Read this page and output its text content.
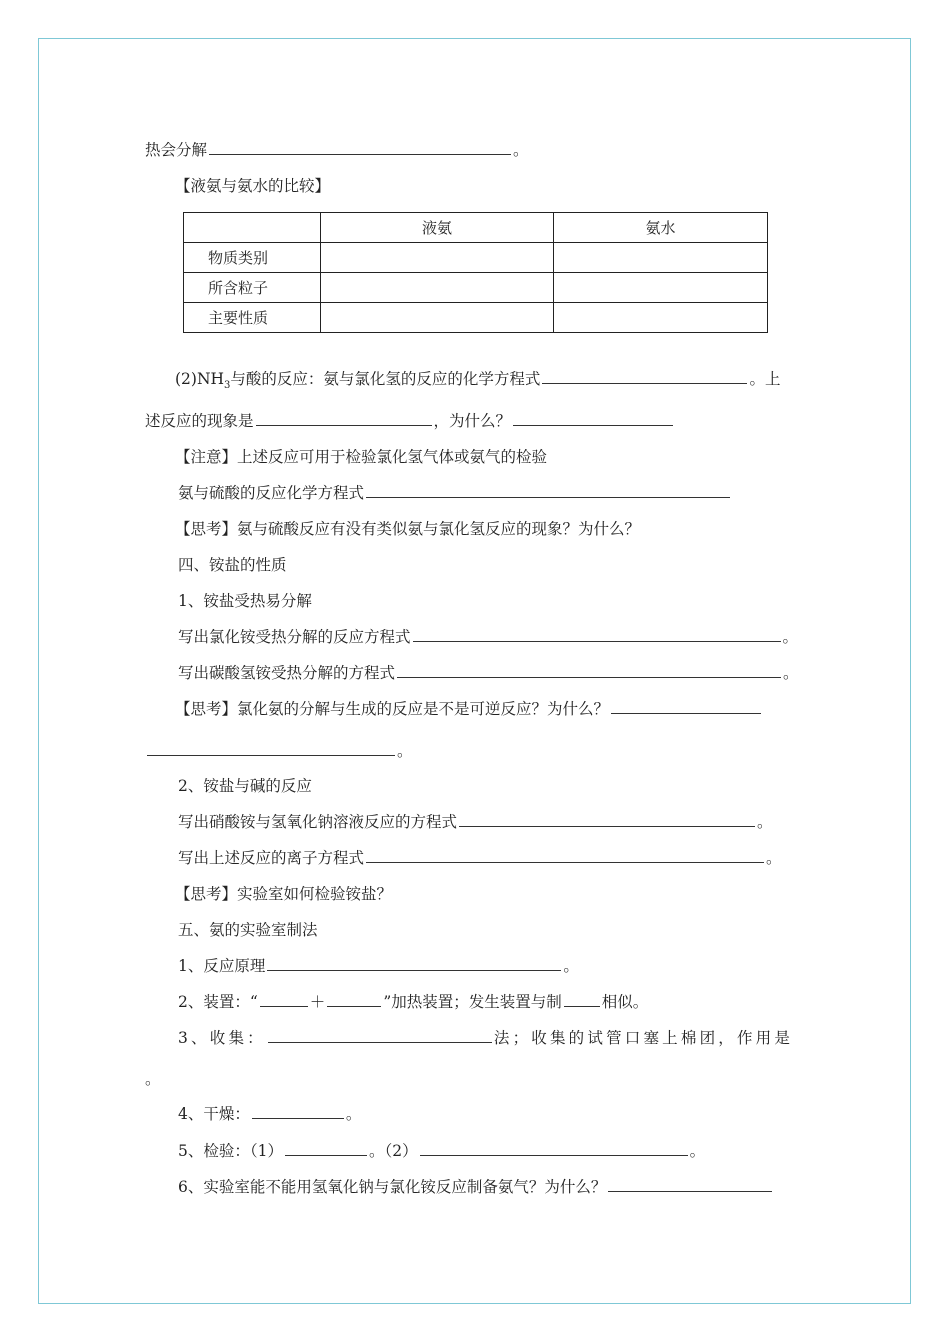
热会分解	。
【液氨与氨水的比较】
	液氨	氨水
物质类别		
所含粒子		
主要性质		
$(2)NH_3$与酸的反应：氨与氯化氢的反应的化学方程式	。上
述反应的现象是	，为什么？
【注意】上述反应可用于检验氯化氢气体或氨气的检验
氨与硫酸的反应化学方程式
【思考】氨与硫酸反应有没有类似氨与氯化氢反应的现象？为什么？
四、铵盐的性质
1、铵盐受热易分解
写出氯化铵受热分解的反应方程式	。
写出碳酸氢铵受热分解的方程式	。
【思考】氯化氨的分解与生成的反应是不是可逆反应？为什么？
。
2、铵盐与碱的反应
写出硝酸铵与氢氧化钠溶液反应的方程式	。
写出上述反应的离子方程式	。
【思考】实验室如何检验铵盐？
五、氨的实验室制法
1、反应原理	。
2、装置：“	＋	”加热装置；发生装置与制	相似。
3、收集：	法；收集的试管口塞上棉团，作用是
。
4、干燥：	。
5、检验：（1）	。（2）	。
6、实验室能不能用氢氧化钠与氯化铵反应制备氨气？为什么？
